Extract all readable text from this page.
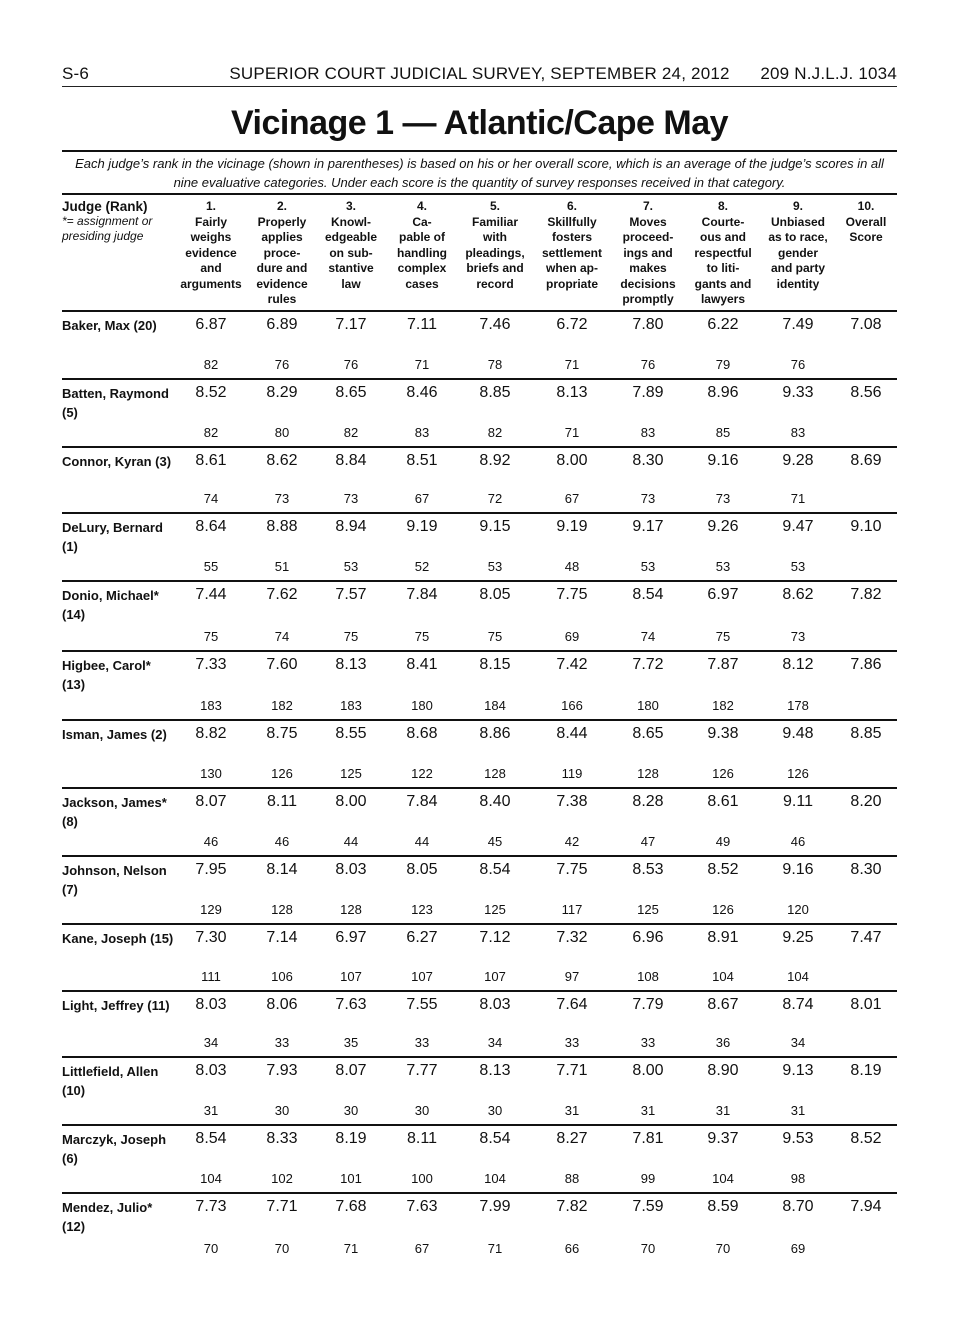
S-6	SUPERIOR COURT JUDICIAL SURVEY, SEPTEMBER 24, 2012	209 N.J.L.J. 1034
Vicinage 1 — Atlantic/Cape May
Each judge’s rank in the vicinage (shown in parentheses) is based on his or her overall score, which is an average of the judge’s scores in all nine evaluative categories. Under each score is the quantity of survey responses received in that category.
Judge (Rank)
*= assignment or presiding judge
1.
Fairly
weighs
evidence
and
arguments
2.
Properly
applies
proce-
dure and
evidence
rules
3.
Knowl-
edgeable
on sub-
stantive
law
4.
Ca-
pable of
handling
complex
cases
5.
Familiar
with
pleadings,
briefs and
record
6.
Skillfully
fosters
settlement
when ap-
propriate
7.
Moves
proceed-
ings and
makes
decisions
promptly
8.
Courte-
ous and
respectful
to liti-
gants and
lawyers
9.
Unbiased
as to race,
gender
and party
identity
10.
Overall
Score
Baker, Max (20)	6.87 6.89 7.17	7.11	7.46	6.72	7.80	6.22	7.49 7.08
82	76	76	71	78	71	76	79	76
Batten, Raymond
(5)
8.52 8.29 8.65 8.46	8.85	8.13	7.89	8.96	9.33 8.56
82	80	82	83	82	71	83	85	83
Connor, Kyran (3) 8.61 8.62 8.84 8.51	8.92	8.00	8.30	9.16	9.28 8.69
74	73	73	67	72	67	73	73	71
DeLury, Bernard
(1)
8.64 8.88 8.94 9.19	9.15	9.19	9.17	9.26	9.47 9.10
55	51	53	52	53	48	53	53	53
Donio, Michael*
(14)
7.44 7.62 7.57 7.84	8.05	7.75	8.54	6.97	8.62 7.82
75	74	75	75	75	69	74	75	73
Higbee, Carol*
(13)
7.33 7.60 8.13 8.41	8.15	7.42	7.72	7.87	8.12 7.86
183	182	183	180	184	166	180	182	178
Isman, James (2)	8.82 8.75 8.55 8.68	8.86	8.44	8.65	9.38	9.48 8.85
130	126	125	122	128	119	128	126	126
Jackson, James*
(8)
8.07	8.11 8.00 7.84	8.40	7.38	8.28	8.61	9.11 8.20
46	46	44	44	45	42	47	49	46
Johnson, Nelson
(7)
7.95 8.14 8.03 8.05	8.54	7.75	8.53	8.52	9.16 8.30
129	128	128	123	125	117	125	126	120
Kane, Joseph (15) 7.30 7.14 6.97 6.27	7.12	7.32	6.96	8.91	9.25 7.47
111	106	107	107	107	97	108	104	104
Light, Jeffrey (11) 8.03 8.06 7.63 7.55	8.03	7.64	7.79	8.67	8.74 8.01
34	33	35	33	34	33	33	36	34
Littlefield, Allen
(10)
8.03 7.93 8.07 7.77	8.13	7.71	8.00	8.90	9.13 8.19
31	30	30	30	30	31	31	31	31
Marczyk, Joseph
(6)
8.54 8.33 8.19	8.11	8.54	8.27	7.81	9.37	9.53 8.52
104	102	101	100	104	88	99	104	98
Mendez, Julio*
(12)
7.73 7.71 7.68 7.63	7.99	7.82	7.59	8.59	8.70 7.94
70	70	71	67	71	66	70	70	69
